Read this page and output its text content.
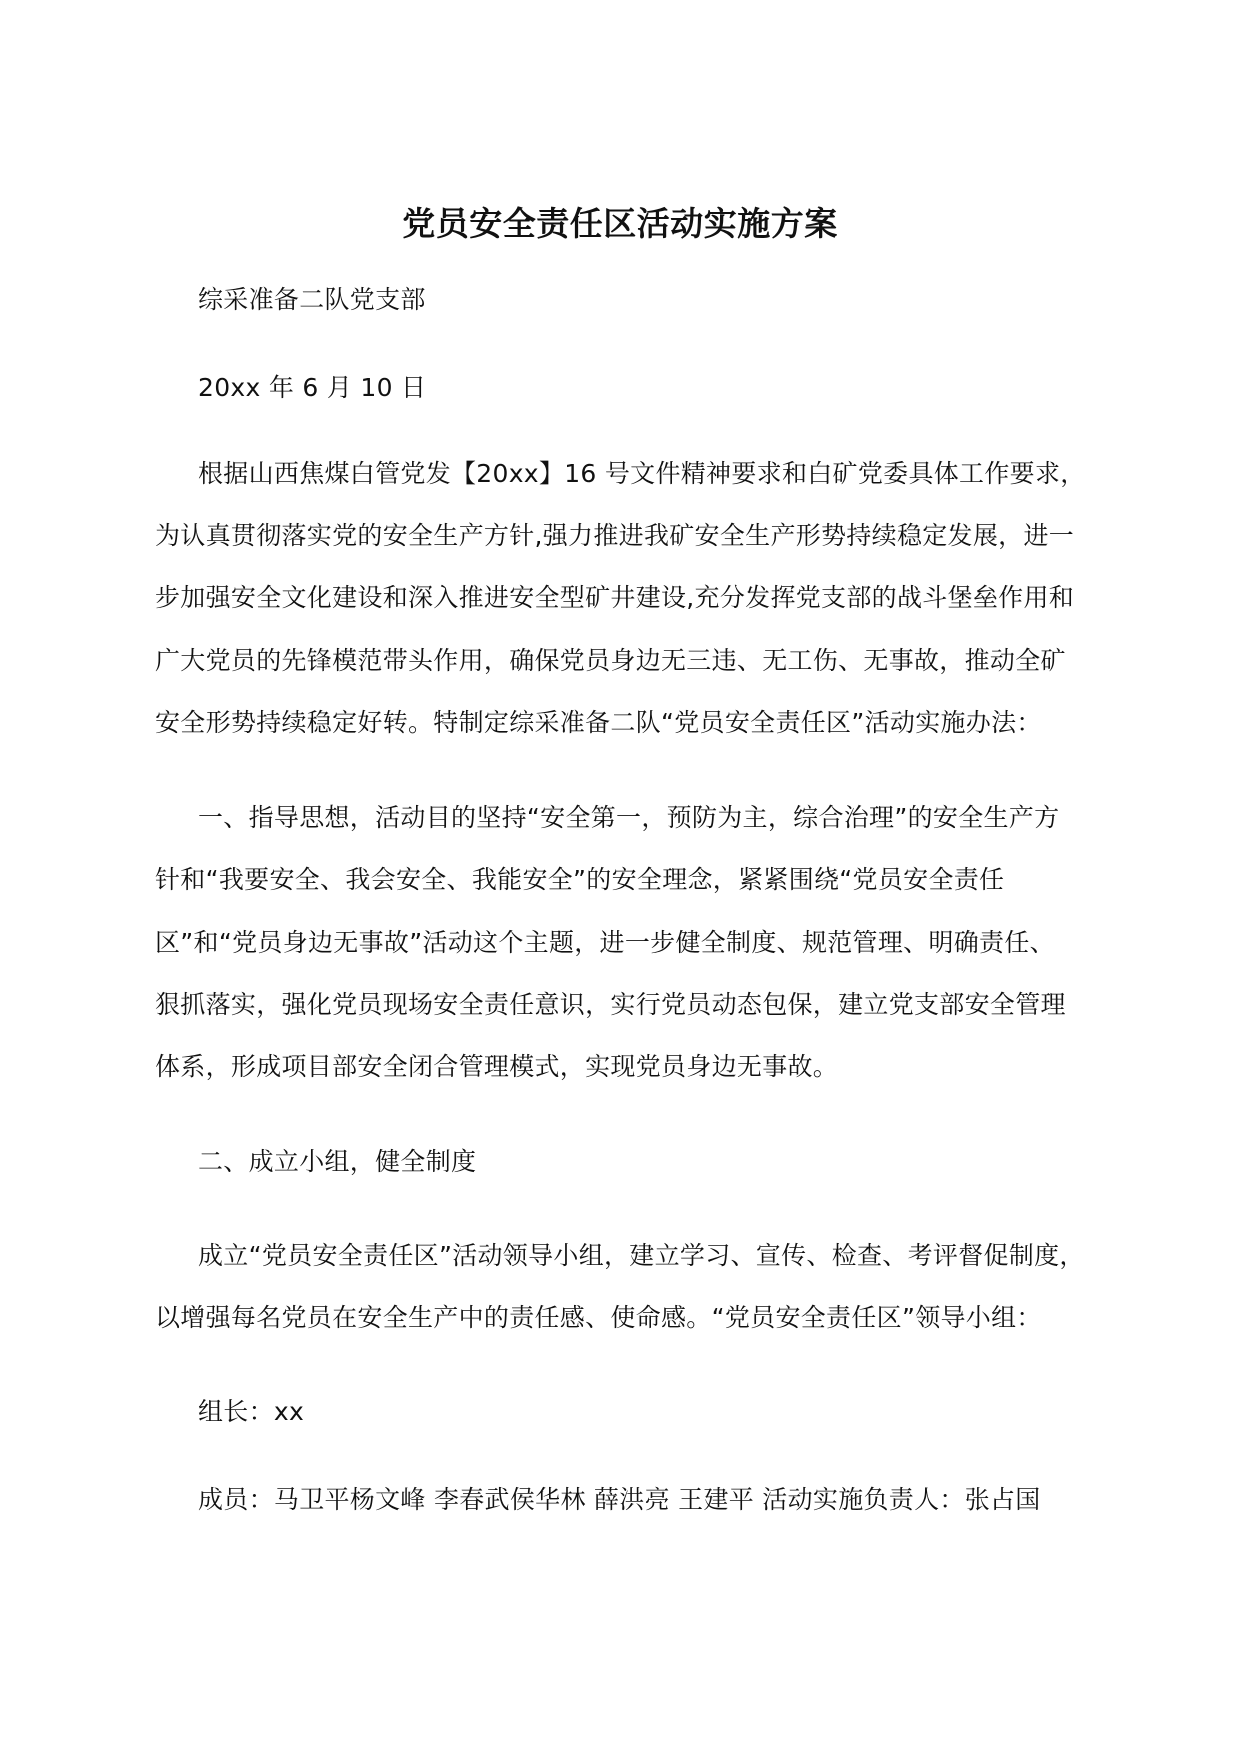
党员安全责任区活动实施方案
综采准备二队党支部
20xx 年 6 月 10 日
根据山西焦煤白管党发【20xx】16 号文件精神要求和白矿党委具体工作要求，
为认真贯彻落实党的安全生产方针,强力推进我矿安全生产形势持续稳定发展，进一
步加强安全文化建设和深入推进安全型矿井建设,充分发挥党支部的战斗堡垒作用和
广大党员的先锋模范带头作用，确保党员身边无三违、无工伤、无事故，推动全矿
安全形势持续稳定好转。特制定综采准备二队“党员安全责任区”活动实施办法：
一、指导思想，活动目的坚持“安全第一，预防为主，综合治理”的安全生产方
针和“我要安全、我会安全、我能安全”的安全理念，紧紧围绕“党员安全责任
区”和“党员身边无事故”活动这个主题，进一步健全制度、规范管理、明确责任、
狠抓落实，强化党员现场安全责任意识，实行党员动态包保，建立党支部安全管理
体系，形成项目部安全闭合管理模式，实现党员身边无事故。
二、成立小组，健全制度
成立“党员安全责任区”活动领导小组，建立学习、宣传、检查、考评督促制度，
以增强每名党员在安全生产中的责任感、使命感。“党员安全责任区”领导小组：
组长：xx
成员：马卫平杨文峰 李春武侯华林 薛洪亮 王建平 活动实施负责人：张占国
